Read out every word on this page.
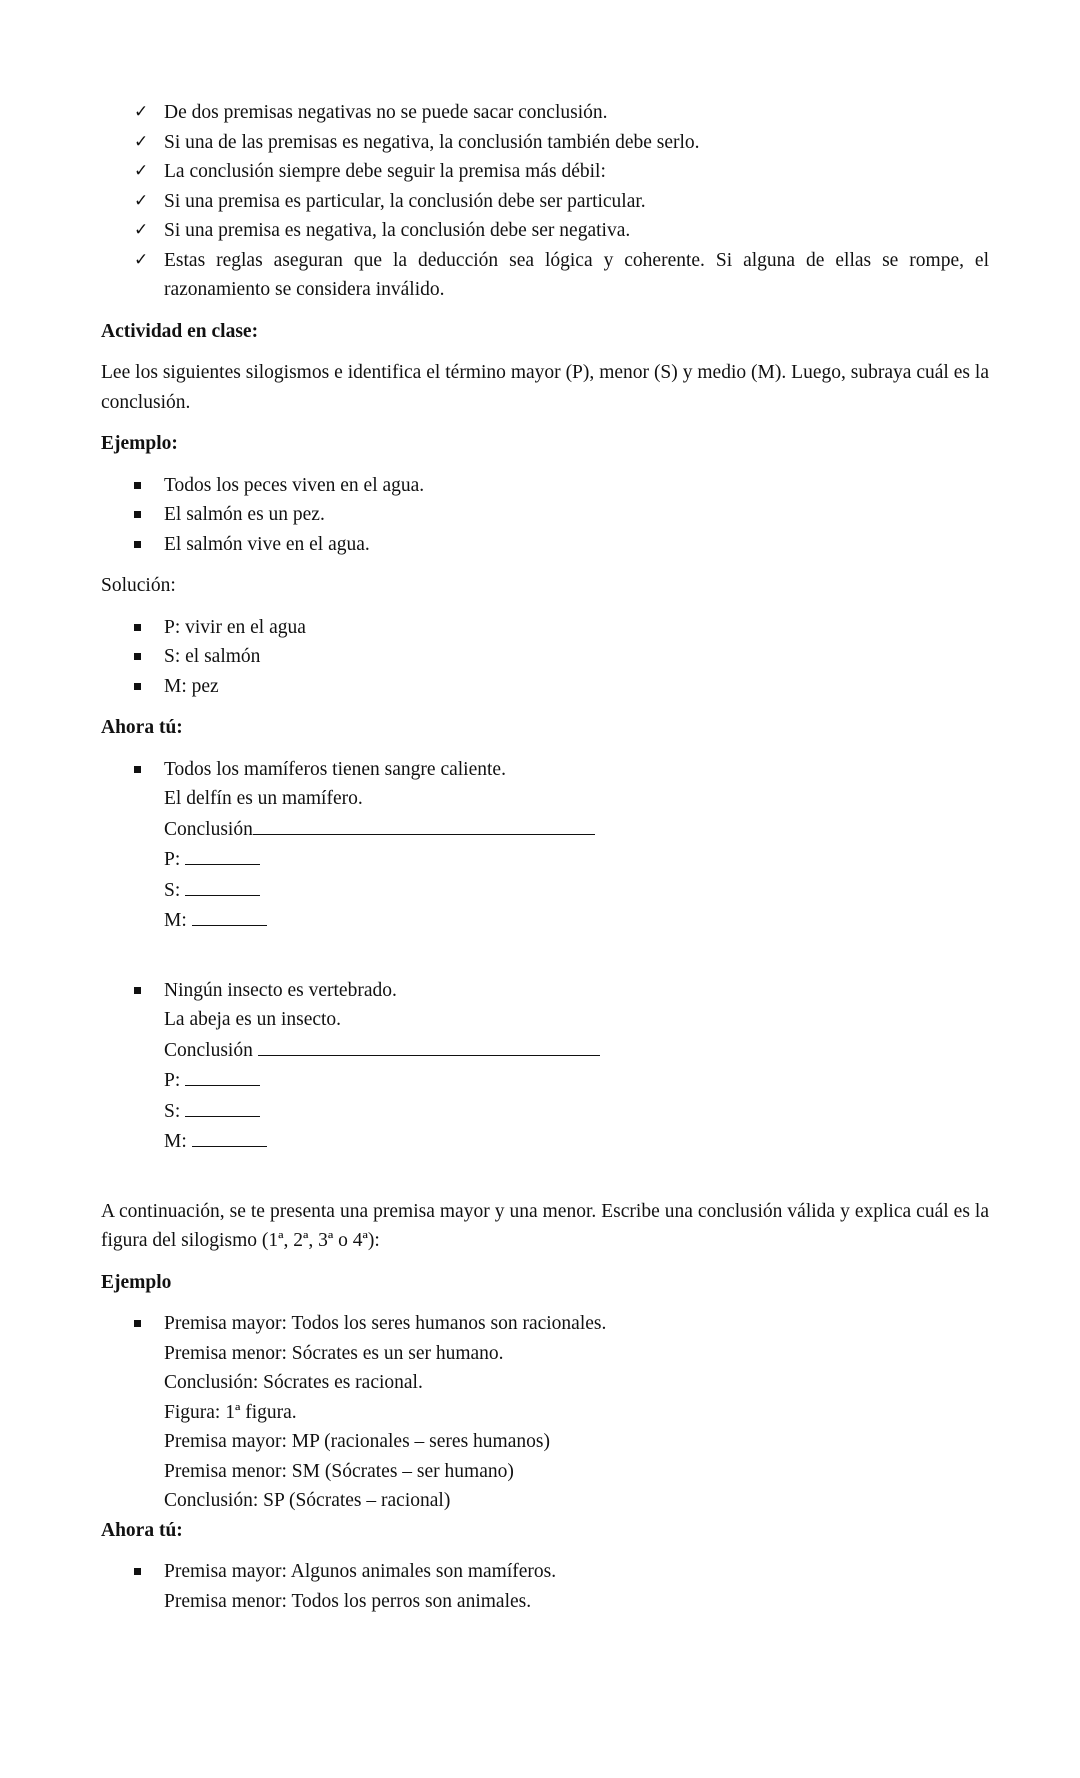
✓ De dos premisas negativas no se puede sacar conclusión.
✓ Si una de las premisas es negativa, la conclusión también debe serlo.
✓ La conclusión siempre debe seguir la premisa más débil:
✓ Si una premisa es particular, la conclusión debe ser particular.
✓ Si una premisa es negativa, la conclusión debe ser negativa.
✓ Estas reglas aseguran que la deducción sea lógica y coherente. Si alguna de ellas se rompe, el razonamiento se considera inválido.

Actividad en clase:

Lee los siguientes silogismos e identifica el término mayor (P), menor (S) y medio (M). Luego, subraya cuál es la conclusión.

Ejemplo:

Todos los peces viven en el agua.
El salmón es un pez.
El salmón vive en el agua.

Solución:

P: vivir en el agua
S: el salmón
M: pez

Ahora tú:

Todos los mamíferos tienen sangre caliente.
El delfín es un mamífero.
Conclusión
P:
S:
M:
Ningún insecto es vertebrado.
La abeja es un insecto.
Conclusión
P:
S:
M:

A continuación, se te presenta una premisa mayor y una menor. Escribe una conclusión válida y explica cuál es la figura del silogismo (1ª, 2ª, 3ª o 4ª):

Ejemplo

Premisa mayor: Todos los seres humanos son racionales.
Premisa menor: Sócrates es un ser humano.
Conclusión: Sócrates es racional.
Figura: 1ª figura.
Premisa mayor: MP (racionales – seres humanos)
Premisa menor: SM (Sócrates – ser humano)
Conclusión: SP (Sócrates – racional)

Ahora tú:

Premisa mayor: Algunos animales son mamíferos.
Premisa menor: Todos los perros son animales.
